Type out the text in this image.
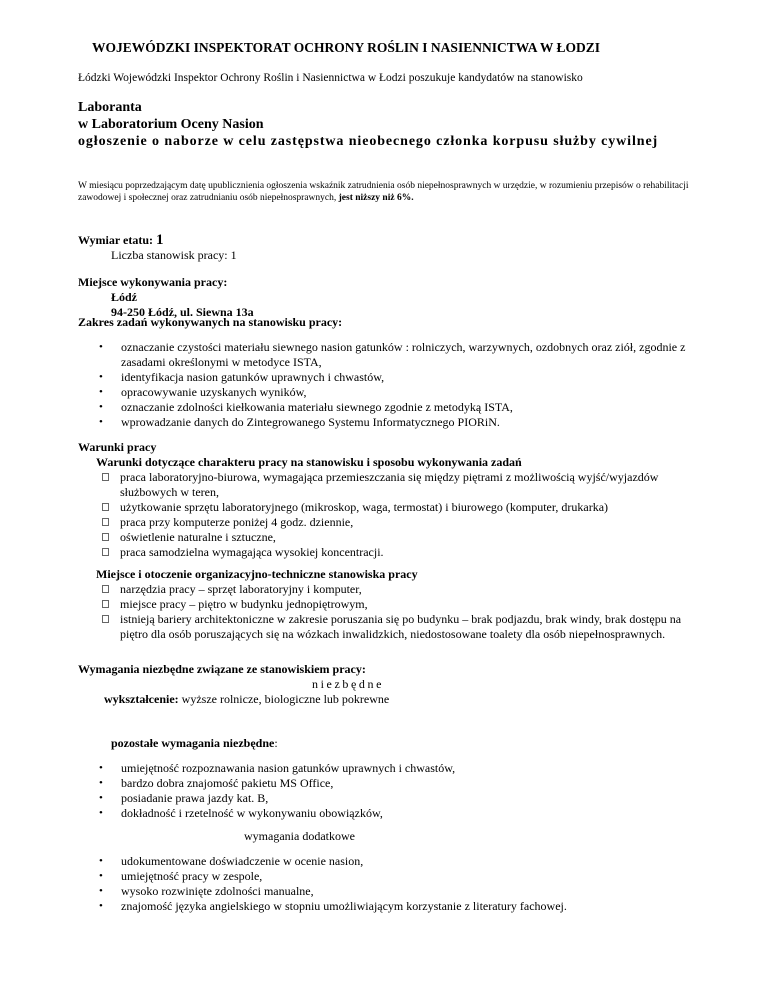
WOJEWÓDZKI INSPEKTORAT OCHRONY ROŚLIN I NASIENNICTWA W ŁODZI
Łódzki Wojewódzki Inspektor Ochrony Roślin i Nasiennictwa w Łodzi poszukuje kandydatów na stanowisko
Laboranta
w Laboratorium Oceny Nasion
ogłoszenie o naborze w celu zastępstwa nieobecnego członka korpusu służby cywilnej
W miesiącu poprzedzającym datę upublicznienia ogłoszenia wskaźnik zatrudnienia osób niepełnosprawnych w urzędzie, w rozumieniu przepisów o rehabilitacji zawodowej i społecznej oraz zatrudnianiu osób niepełnosprawnych, jest niższy niż 6%.
Wymiar etatu: 1
Liczba stanowisk pracy: 1
Miejsce wykonywania pracy:
Łódź
94-250 Łódź, ul. Siewna 13a
Zakres zadań wykonywanych na stanowisku pracy:
• oznaczanie czystości materiału siewnego nasion gatunków : rolniczych, warzywnych, ozdobnych oraz ziół, zgodnie z zasadami określonymi w metodyce ISTA,
• identyfikacja nasion gatunków uprawnych i chwastów,
• opracowywanie uzyskanych wyników,
• oznaczanie zdolności kiełkowania materiału siewnego zgodnie z metodyką ISTA,
• wprowadzanie danych do Zintegrowanego Systemu Informatycznego PIORiN.
Warunki pracy
Warunki dotyczące charakteru pracy na stanowisku i sposobu wykonywania zadań
praca laboratoryjno-biurowa, wymagająca przemieszczania się między piętrami z możliwością wyjść/wyjazdów służbowych w teren,
użytkowanie sprzętu laboratoryjnego (mikroskop, waga, termostat) i biurowego (komputer, drukarka)
praca przy komputerze poniżej 4 godz. dziennie,
oświetlenie naturalne i sztuczne,
praca samodzielna wymagająca wysokiej koncentracji.
Miejsce i otoczenie organizacyjno-techniczne stanowiska pracy
narzędzia pracy – sprzęt laboratoryjny i komputer,
miejsce pracy – piętro w budynku jednopiętrowym,
istnieją bariery architektoniczne w zakresie poruszania się po budynku – brak podjazdu, brak windy, brak dostępu na piętro dla osób poruszających się na wózkach inwalidzkich, niedostosowane toalety dla osób niepełnosprawnych.
Wymagania niezbędne związane ze stanowiskiem pracy:
niezbędne
wykształcenie: wyższe rolnicze, biologiczne lub pokrewne
pozostałe wymagania niezbędne:
• umiejętność rozpoznawania nasion gatunków uprawnych i chwastów,
• bardzo dobra znajomość pakietu MS Office,
• posiadanie prawa jazdy kat. B,
• dokładność i rzetelność w wykonywaniu obowiązków,
wymagania dodatkowe
• udokumentowane doświadczenie w ocenie nasion,
• umiejętność pracy w zespole,
• wysoko rozwinięte zdolności manualne,
• znajomość języka angielskiego w stopniu umożliwiającym korzystanie z literatury fachowej.
